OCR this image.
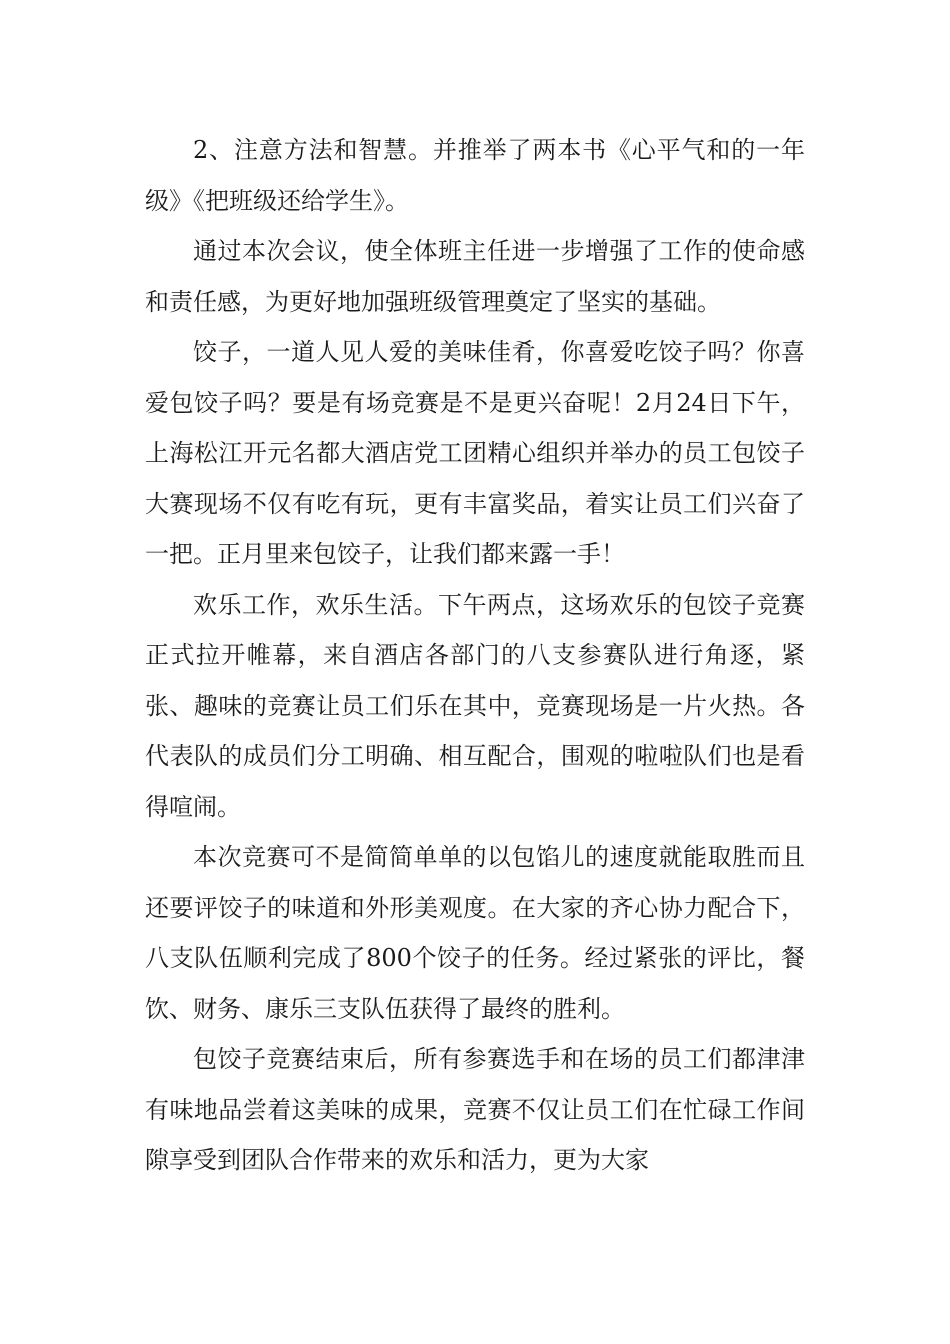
2、注意方法和智慧。并推举了两本书《心平气和的一年级》《把班级还给学生》。

通过本次会议，使全体班主任进一步增强了工作的使命感和责任感，为更好地加强班级管理奠定了坚实的基础。

饺子，一道人见人爱的美味佳肴，你喜爱吃饺子吗？你喜爱包饺子吗？要是有场竞赛是不是更兴奋呢！2月24日下午，上海松江开元名都大酒店党工团精心组织并举办的员工包饺子大赛现场不仅有吃有玩，更有丰富奖品，着实让员工们兴奋了一把。正月里来包饺子，让我们都来露一手！

欢乐工作，欢乐生活。下午两点，这场欢乐的包饺子竞赛正式拉开帷幕，来自酒店各部门的八支参赛队进行角逐，紧张、趣味的竞赛让员工们乐在其中，竞赛现场是一片火热。各代表队的成员们分工明确、相互配合，围观的啦啦队们也是看得喧闹。

本次竞赛可不是简简单单的以包馅儿的速度就能取胜而且还要评饺子的味道和外形美观度。在大家的齐心协力配合下，八支队伍顺利完成了800个饺子的任务。经过紧张的评比，餐饮、财务、康乐三支队伍获得了最终的胜利。

包饺子竞赛结束后，所有参赛选手和在场的员工们都津津有味地品尝着这美味的成果，竞赛不仅让员工们在忙碌工作间隙享受到团队合作带来的欢乐和活力，更为大家
